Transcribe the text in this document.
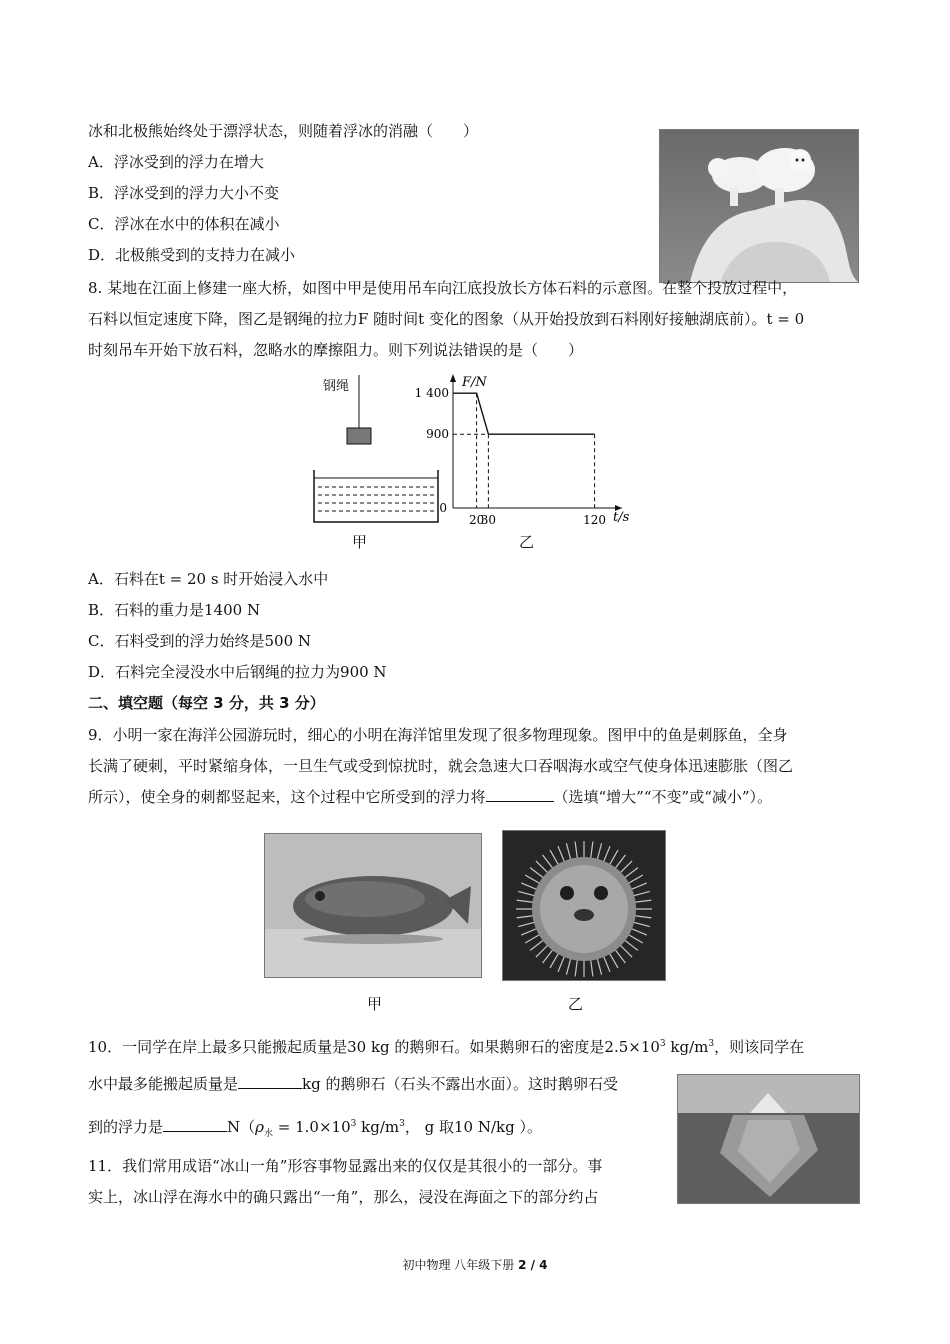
冰和北极熊始终处于漂浮状态，则随着浮冰的消融（　　）
A．浮冰受到的浮力在增大
B．浮冰受到的浮力大小不变
C．浮冰在水中的体积在减小
D．北极熊受到的支持力在减小
8. 某地在江面上修建一座大桥，如图中甲是使用吊车向江底投放长方体石料的示意图。在整个投放过程中，
石料以恒定速度下降，图乙是钢绳的拉力F 随时间t 变化的图象（从开始投放到石料刚好接触湖底前）。t = 0
时刻吊车开始下放石料，忽略水的摩擦阻力。则下列说法错误的是（　　）
钢绳
甲
900
1 400
0
20
30	120
F/N
t/s
乙
A．石料在t = 20 s 时开始浸入水中
B．石料的重力是1400 N
C．石料受到的浮力始终是500 N
D．石料完全浸没水中后钢绳的拉力为900 N
二、填空题（每空 3 分，共 3 分）
9．小明一家在海洋公园游玩时，细心的小明在海洋馆里发现了很多物理现象。图甲中的鱼是刺豚鱼，全身
长满了硬刺，平时紧缩身体，一旦生气或受到惊扰时，就会急速大口吞咽海水或空气使身体迅速膨胀（图乙
所示），使全身的刺都竖起来，这个过程中它所受到的浮力将	（选填“增大”“不变”或“减小”）。
甲	乙
10．一同学在岸上最多只能搬起质量是30 kg 的鹅卵石。如果鹅卵石的密度是$2.5\times 10^3$ $kg/m^3$，则该同学在
水中最多能搬起质量是	kg 的鹅卵石（石头不露出水面）。这时鹅卵石受
到的浮力是	$N(\rho_水 = 1.0\times 10^3$ $kg/m^3$， g 取10 N/kg ）。
11．我们常用成语“冰山一角”形容事物显露出来的仅仅是其很小的一部分。事
实上，冰山浮在海水中的确只露出“一角”，那么，浸没在海面之下的部分约占
初中物理 八年级下册 2 / 4
